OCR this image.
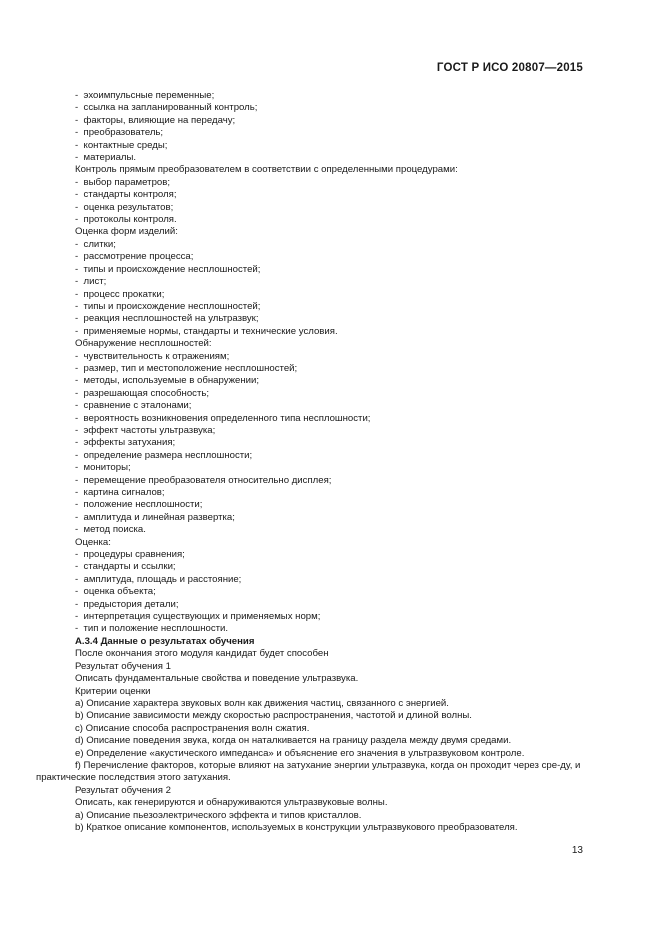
ГОСТ Р ИСО 20807—2015
-  эхоимпульсные переменные;
-  ссылка на запланированный контроль;
-  факторы, влияющие на передачу;
-  преобразователь;
-  контактные среды;
-  материалы.
Контроль прямым преобразователем в соответствии с определенными процедурами:
-  выбор параметров;
-  стандарты контроля;
-  оценка результатов;
-  протоколы контроля.
Оценка форм изделий:
-  слитки;
-  рассмотрение процесса;
-  типы и происхождение несплошностей;
-  лист;
-  процесс прокатки;
-  типы и происхождение несплошностей;
-  реакция несплошностей на ультразвук;
-  применяемые нормы, стандарты и технические условия.
Обнаружение несплошностей:
-  чувствительность к отражениям;
-  размер, тип и местоположение несплошностей;
-  методы, используемые в обнаружении;
-  разрешающая способность;
-  сравнение с эталонами;
-  вероятность возникновения определенного типа несплошности;
-  эффект частоты ультразвука;
-  эффекты затухания;
-  определение размера несплошности;
-  мониторы;
-  перемещение преобразователя относительно дисплея;
-  картина сигналов;
-  положение несплошности;
-  амплитуда и линейная развертка;
-  метод поиска.
Оценка:
-  процедуры сравнения;
-  стандарты и ссылки;
-  амплитуда, площадь и расстояние;
-  оценка объекта;
-  предыстория детали;
-  интерпретация существующих и применяемых норм;
-  тип и положение несплошности.
А.3.4 Данные о результатах обучения
После окончания этого модуля кандидат будет способен
Результат обучения 1
Описать фундаментальные свойства и поведение ультразвука.
Критерии оценки
a) Описание характера звуковых волн как движения частиц, связанного с энергией.
b) Описание зависимости между скоростью распространения, частотой и длиной волны.
c) Описание способа распространения волн сжатия.
d) Описание поведения звука, когда он наталкивается на границу раздела между двумя средами.
e) Определение «акустического импеданса» и объяснение его значения в ультразвуковом контроле.
f) Перечисление факторов, которые влияют на затухание энергии ультразвука, когда он проходит через сре-ду, и практические последствия этого затухания.
Результат обучения 2
Описать, как генерируются и обнаруживаются ультразвуковые волны.
a) Описание пьезоэлектрического эффекта и типов кристаллов.
b) Краткое описание компонентов, используемых в конструкции ультразвукового преобразователя.
13
